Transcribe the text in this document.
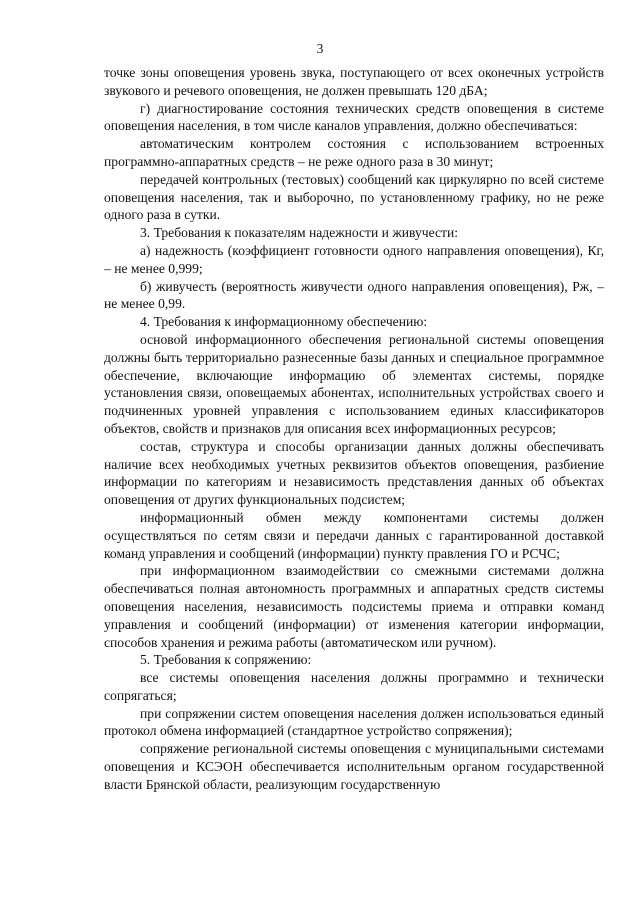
3

точке зоны оповещения уровень звука, поступающего от всех оконечных устройств звукового и речевого оповещения, не должен превышать 120 дБА;

г) диагностирование состояния технических средств оповещения в системе оповещения населения, в том числе каналов управления, должно обеспечиваться:

автоматическим контролем состояния с использованием встроенных программно-аппаратных средств – не реже одного раза в 30 минут;

передачей контрольных (тестовых) сообщений как циркулярно по всей системе оповещения населения, так и выборочно, по установленному графику, но не реже одного раза в сутки.

3. Требования к показателям надежности и живучести:

а) надежность (коэффициент готовности одного направления оповещения), Кг, – не менее 0,999;

б) живучесть (вероятность живучести одного направления оповещения), Рж, – не менее 0,99.

4. Требования к информационному обеспечению:

основой информационного обеспечения региональной системы оповещения должны быть территориально разнесенные базы данных и специальное программное обеспечение, включающие информацию об элементах системы, порядке установления связи, оповещаемых абонентах, исполнительных устройствах своего и подчиненных уровней управления с использованием единых классификаторов объектов, свойств и признаков для описания всех информационных ресурсов;

состав, структура и способы организации данных должны обеспечивать наличие всех необходимых учетных реквизитов объектов оповещения, разбиение информации по категориям и независимость представления данных об объектах оповещения от других функциональных подсистем;

информационный обмен между компонентами системы должен осуществляться по сетям связи и передачи данных с гарантированной доставкой команд управления и сообщений (информации) пункту правления ГО и РСЧС;

при информационном взаимодействии со смежными системами должна обеспечиваться полная автономность программных и аппаратных средств системы оповещения населения, независимость подсистемы приема и отправки команд управления и сообщений (информации) от изменения категории информации, способов хранения и режима работы (автоматическом или ручном).

5. Требования к сопряжению:

все системы оповещения населения должны программно и технически сопрягаться;

при сопряжении систем оповещения населения должен использоваться единый протокол обмена информацией (стандартное устройство сопряжения);

сопряжение региональной системы оповещения с муниципальными системами оповещения и КСЭОН обеспечивается исполнительным органом государственной власти Брянской области, реализующим государственную
